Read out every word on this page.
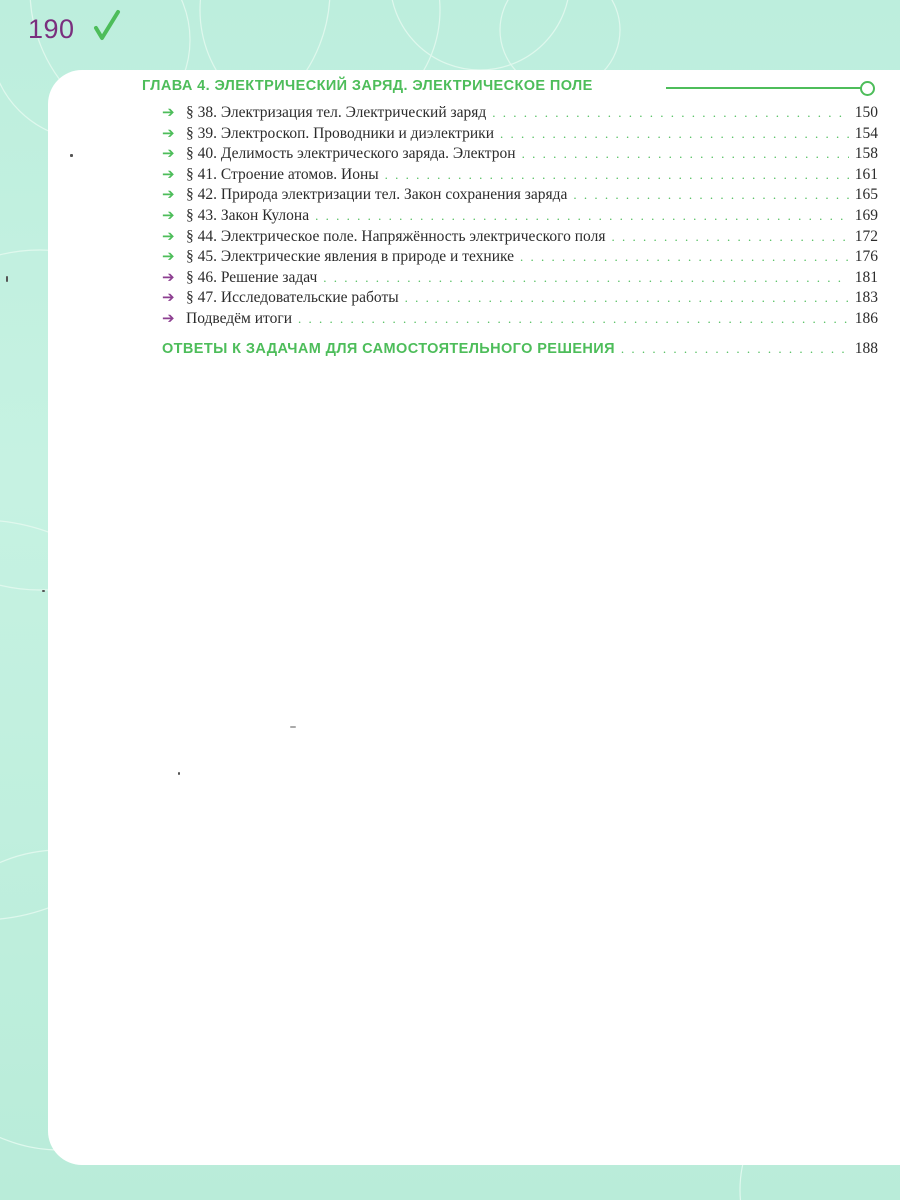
190
ГЛАВА 4. ЭЛЕКТРИЧЕСКИЙ ЗАРЯД. ЭЛЕКТРИЧЕСКОЕ ПОЛЕ
➔ § 38. Электризация тел. Электрический заряд . . .	150
➔ § 39. Электроскоп. Проводники и диэлектрики . . .	154
➔ § 40. Делимость электрического заряда. Электрон . . .	158
➔ § 41. Строение атомов. Ионы . . .	161
➔ § 42. Природа электризации тел. Закон сохранения заряда . . .	165
➔ § 43. Закон Кулона . . .	169
➔ § 44. Электрическое поле. Напряжённость электрического поля . . .	172
➔ § 45. Электрические явления в природе и технике . . .	176
➔ § 46. Решение задач . . .	181
➔ § 47. Исследовательские работы . . .	183
➔ Подведём итоги . . .	186
ОТВЕТЫ К ЗАДАЧАМ ДЛЯ САМОСТОЯТЕЛЬНОГО РЕШЕНИЯ . . .	188
